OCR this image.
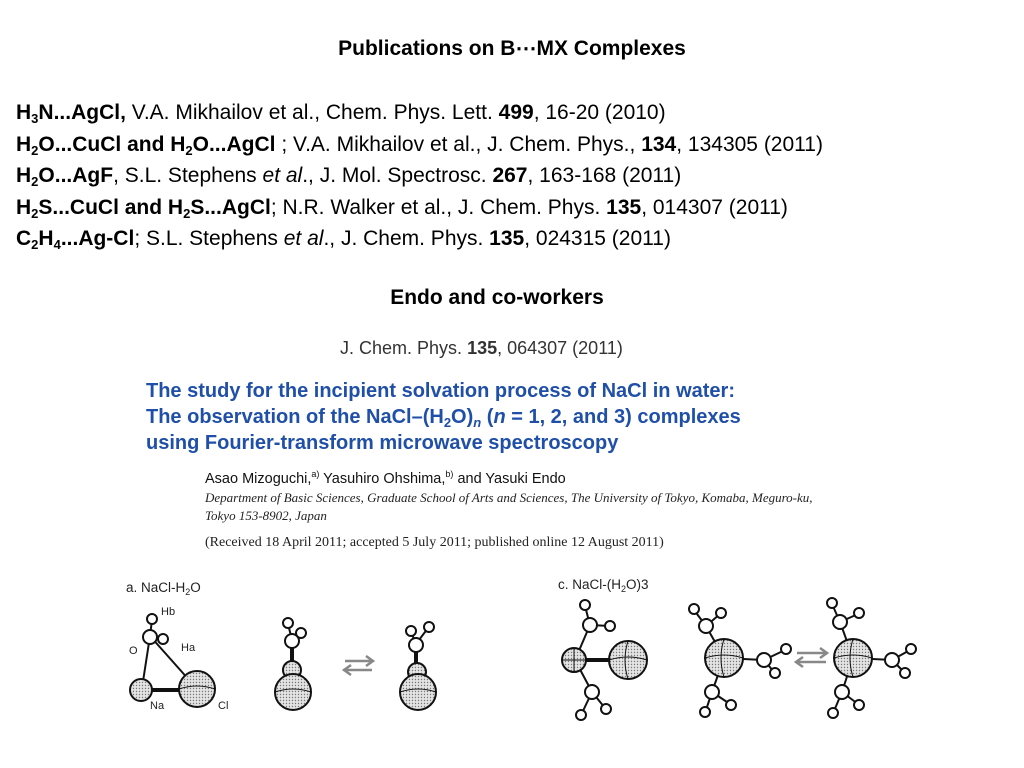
Publications on B⋯MX Complexes
$H_3N...AgCl$, V.A. Mikhailov et al., Chem. Phys. Lett. 499, 16-20 (2010)
$H_2O...CuCl$ and $H_2O...AgCl$ ; V.A. Mikhailov et al., J. Chem. Phys., 134, 134305 (2011)
$H_2O...AgF$, S.L. Stephens et al., J. Mol. Spectrosc. 267, 163-168 (2011)
$H_2S...CuCl$ and $H_2S...AgCl$; N.R. Walker et al., J. Chem. Phys. 135, 014307 (2011)
$C_2H_4...Ag-Cl$; S.L. Stephens et al., J. Chem. Phys. 135, 024315 (2011)
Endo and co-workers
J. Chem. Phys. 135, 064307 (2011)
The study for the incipient solvation process of NaCl in water:
The observation of the NaCl–$(H_2O)_n$ (n = 1, 2, and 3) complexes
using Fourier-transform microwave spectroscopy
Asao Mizoguchi,$^{a)}$ Yasuhiro Ohshima,$^{b)}$ and Yasuki Endo
Department of Basic Sciences, Graduate School of Arts and Sciences, The University of Tokyo, Komaba, Meguro-ku, Tokyo 153-8902, Japan
(Received 18 April 2011; accepted 5 July 2011; published online 12 August 2011)
a. NaCl-$H_2O$	c. NaCl-$(H_2O)3$
Hb
O	Ha
Na	Cl
